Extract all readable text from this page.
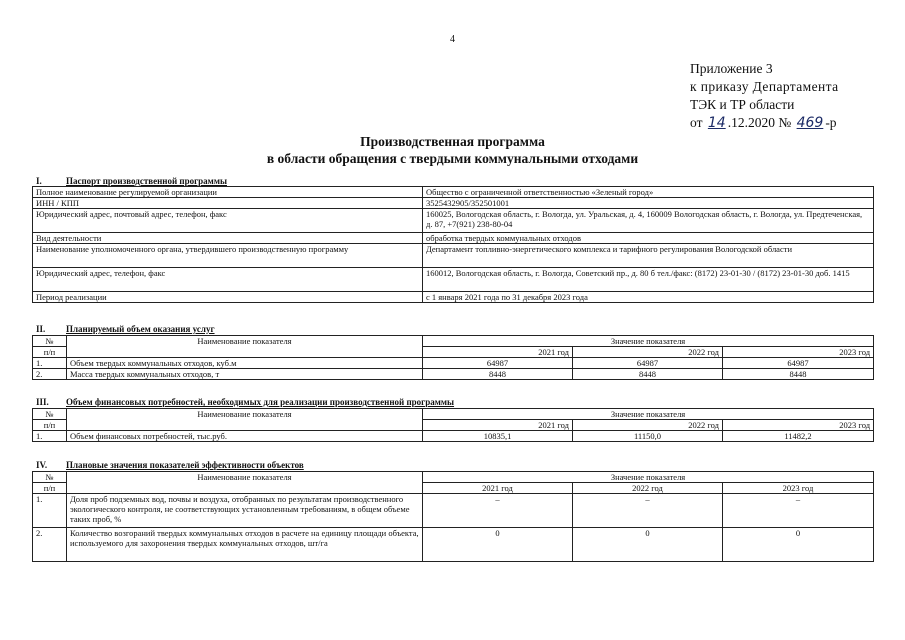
4
Приложение 3
к приказу Департамента
ТЭК и ТР области
от 14 .12.2020 № 469 -р
Производственная программа
в области обращения с твердыми коммунальными отходами
I.	Паспорт производственной программы
Полное наименование регулируемой организации	Общество с ограниченной ответственностью «Зеленый город»
ИНН / КПП	3525432905/352501001
Юридический адрес, почтовый адрес, телефон, факс	160025, Вологодская область, г. Вологда, ул. Уральская, д. 4, 160009 Вологодская область, г. Вологда, ул. Предтеченская, д. 87, +7(921) 238-80-04
Вид деятельности	обработка твердых коммунальных отходов
Наименование уполномоченного органа, утвердившего производственную программу	Департамент топливно-энергетического комплекса и тарифного регулирования Вологодской области
Юридический адрес, телефон, факс	160012, Вологодская область, г. Вологда, Советский пр., д. 80 б тел./факс: (8172) 23-01-30 / (8172) 23-01-30 доб. 1415
Период реализации	с 1 января 2021 года по 31 декабря 2023 года
II. Планируемый объем оказания услуг
№	Наименование показателя	Значение показателя		
п/п		2021 год	2022 год	2023 год
1.	Объем твердых коммунальных отходов, куб.м	64987	64987	64987
2.	Масса твердых коммунальных отходов, т	8448	8448	8448
III. Объем финансовых потребностей, необходимых для реализации производственной программы
№	Наименование показателя	Значение показателя		
п/п		2021 год	2022 год	2023 год
1.	Объем финансовых потребностей, тыс.руб.	10835,1	11150,0	11482,2
IV. Плановые значения показателей эффективности объектов
№	Наименование показателя	Значение показателя		
п/п		2021 год	2022 год	2023 год
1.	Доля проб подземных вод, почвы и воздуха, отобранных по результатам производственного экологического контроля, не соответствующих установленным требованиям, в общем объеме таких проб, %	–	–	–
2.	Количество возгораний твердых коммунальных отходов в расчете на единицу площади объекта, используемого для захоронения твердых коммунальных отходов, шт/га	0	0	0
